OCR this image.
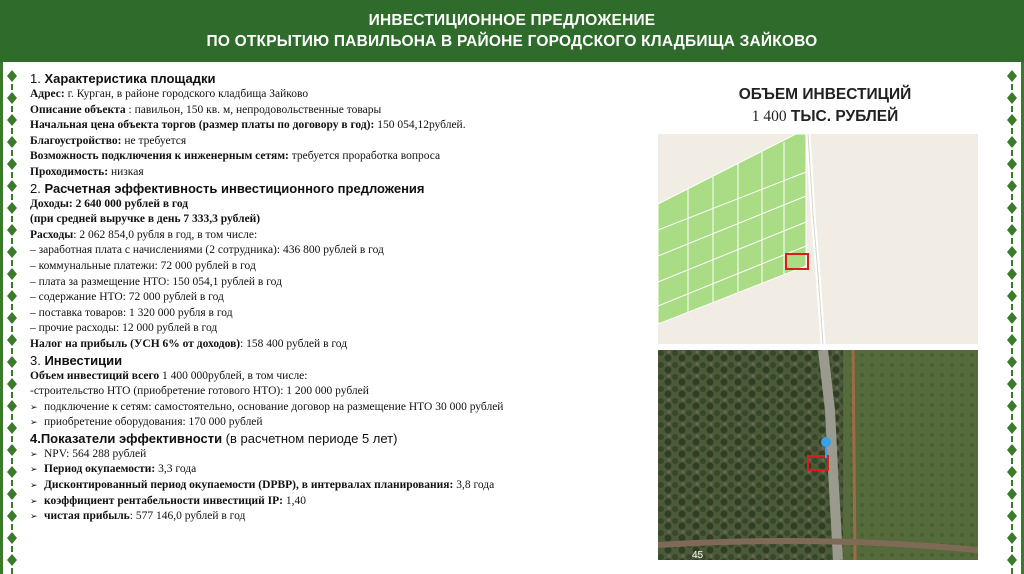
ИНВЕСТИЦИОННОЕ ПРЕДЛОЖЕНИЕ
ПО ОТКРЫТИЮ ПАВИЛЬОНА В РАЙОНЕ ГОРОДСКОГО КЛАДБИЩА ЗАЙКОВО
1. Характеристика площадки
Адрес: г. Курган, в районе городского кладбища Зайково
Описание объекта : павильон, 150 кв. м, непродовольственные товары
Начальная цена объекта торгов (размер платы по договору в год): 150 054,12рублей.
Благоустройство: не требуется
Возможность подключения к инженерным сетям: требуется проработка вопроса
Проходимость: низкая
2. Расчетная эффективность инвестиционного предложения
Доходы: 2 640 000 рублей в год
(при средней выручке в день 7 333,3 рублей)
Расходы: 2 062 854,0 рубля в год, в том числе:
– заработная плата с начислениями (2 сотрудника): 436 800 рублей в год
– коммунальные платежи: 72 000 рублей в год
– плата за размещение НТО: 150 054,1 рублей в год
– содержание НТО: 72 000 рублей в год
– поставка товаров: 1 320 000 рубля в год
– прочие расходы: 12 000 рублей в год
Налог на прибыль (УСН 6% от доходов): 158 400 рублей в год
3. Инвестиции
Объем инвестиций всего 1 400 000рублей, в том числе:
-строительство НТО (приобретение готового НТО): 1 200 000 рублей
➢ подключение к сетям: самостоятельно, основание договор на размещение НТО 30 000 рублей
➢ приобретение оборудования: 170 000 рублей
4.Показатели эффективности (в расчетном периоде 5 лет)
➢ NPV: 564 288 рублей
➢ Период окупаемости: 3,3 года
➢ Дисконтированный период окупаемости (DPBP), в интервалах планирования: 3,8 года
➢ коэффициент рентабельности инвестиций IP: 1,40
➢ чистая прибыль: 577 146,0 рублей в год
ОБЪЕМ ИНВЕСТИЦИЙ
1 400 ТЫС. РУБЛЕЙ
45
